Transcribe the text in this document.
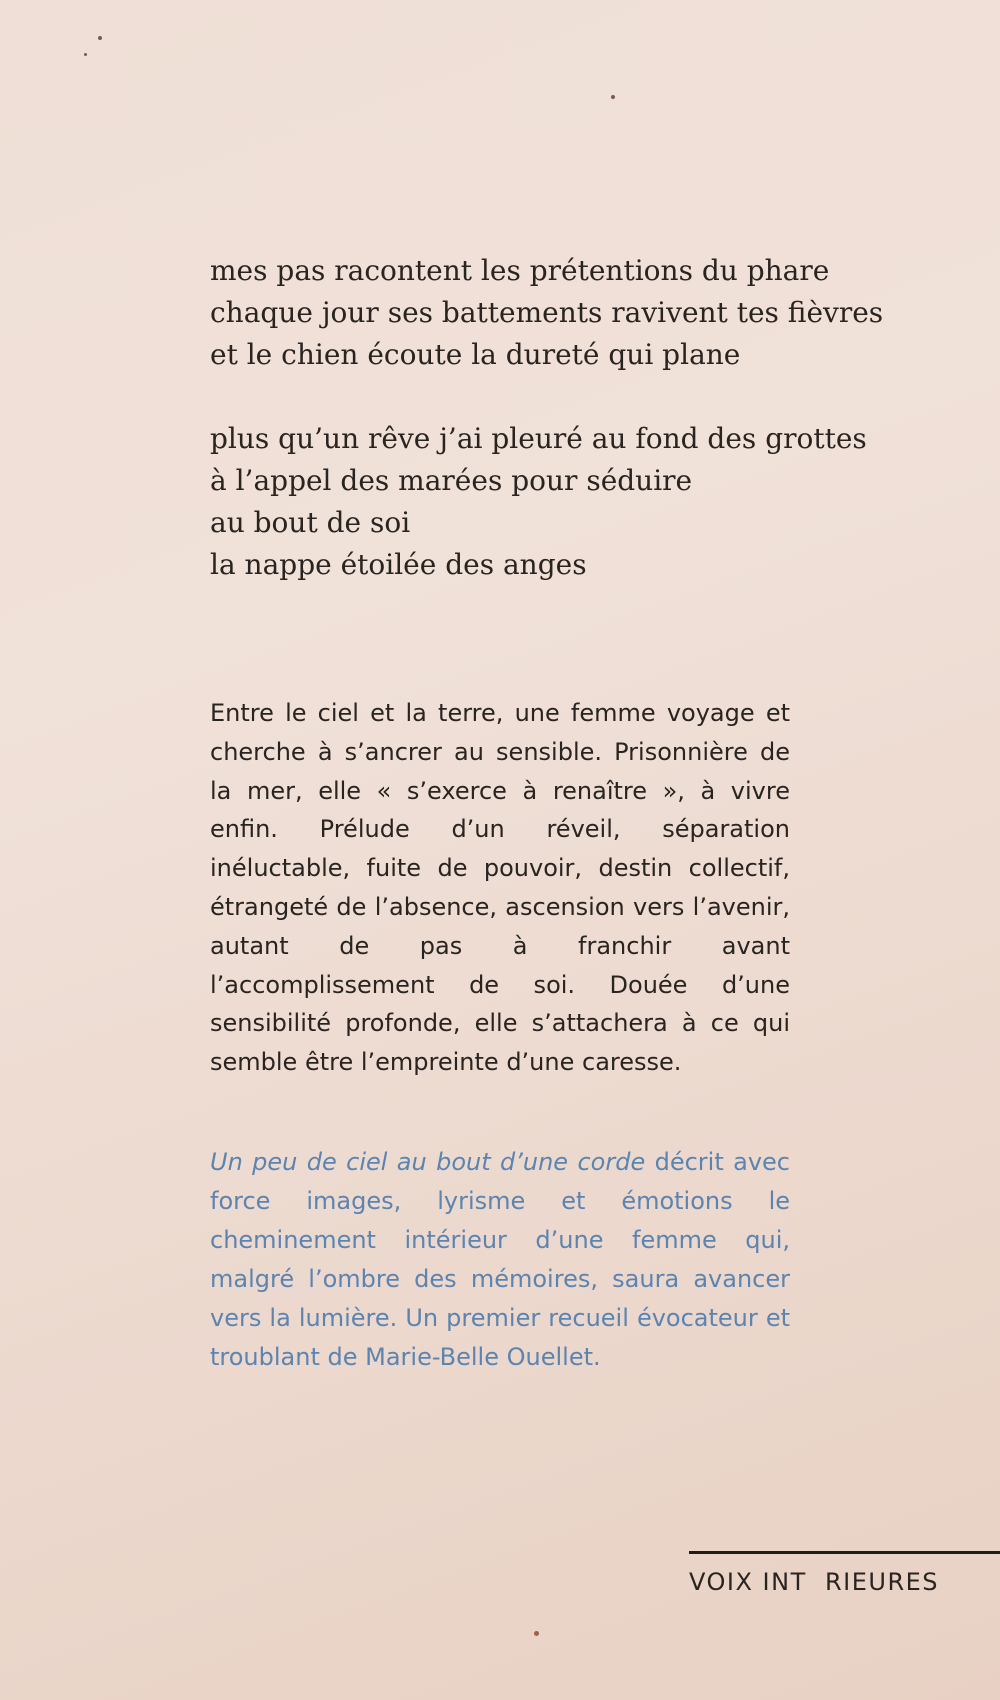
mes pas racontent les prétentions du phare
chaque jour ses battements ravivent tes fièvres
et le chien écoute la dureté qui plane
plus qu’un rêve j’ai pleuré au fond des grottes
à l’appel des marées pour séduire
au bout de soi
la nappe étoilée des anges

Entre le ciel et la terre, une femme voyage et cherche à s’ancrer au sensible. Prisonnière de la mer, elle « s’exerce à renaître », à vivre enfin. Prélude d’un réveil, séparation inéluctable, fuite de pouvoir, destin collectif, étrangeté de l’absence, ascension vers l’avenir, autant de pas à franchir avant l’accomplissement de soi. Douée d’une sensibilité profonde, elle s’attachera à ce qui semble être l’empreinte d’une caresse.

Un peu de ciel au bout d’une corde décrit avec force images, lyrisme et émotions le cheminement intérieur d’une femme qui, malgré l’ombre des mémoires, saura avancer vers la lumière. Un premier recueil évocateur et troublant de Marie-Belle Ouellet.

VOIX INT  RIEURES
